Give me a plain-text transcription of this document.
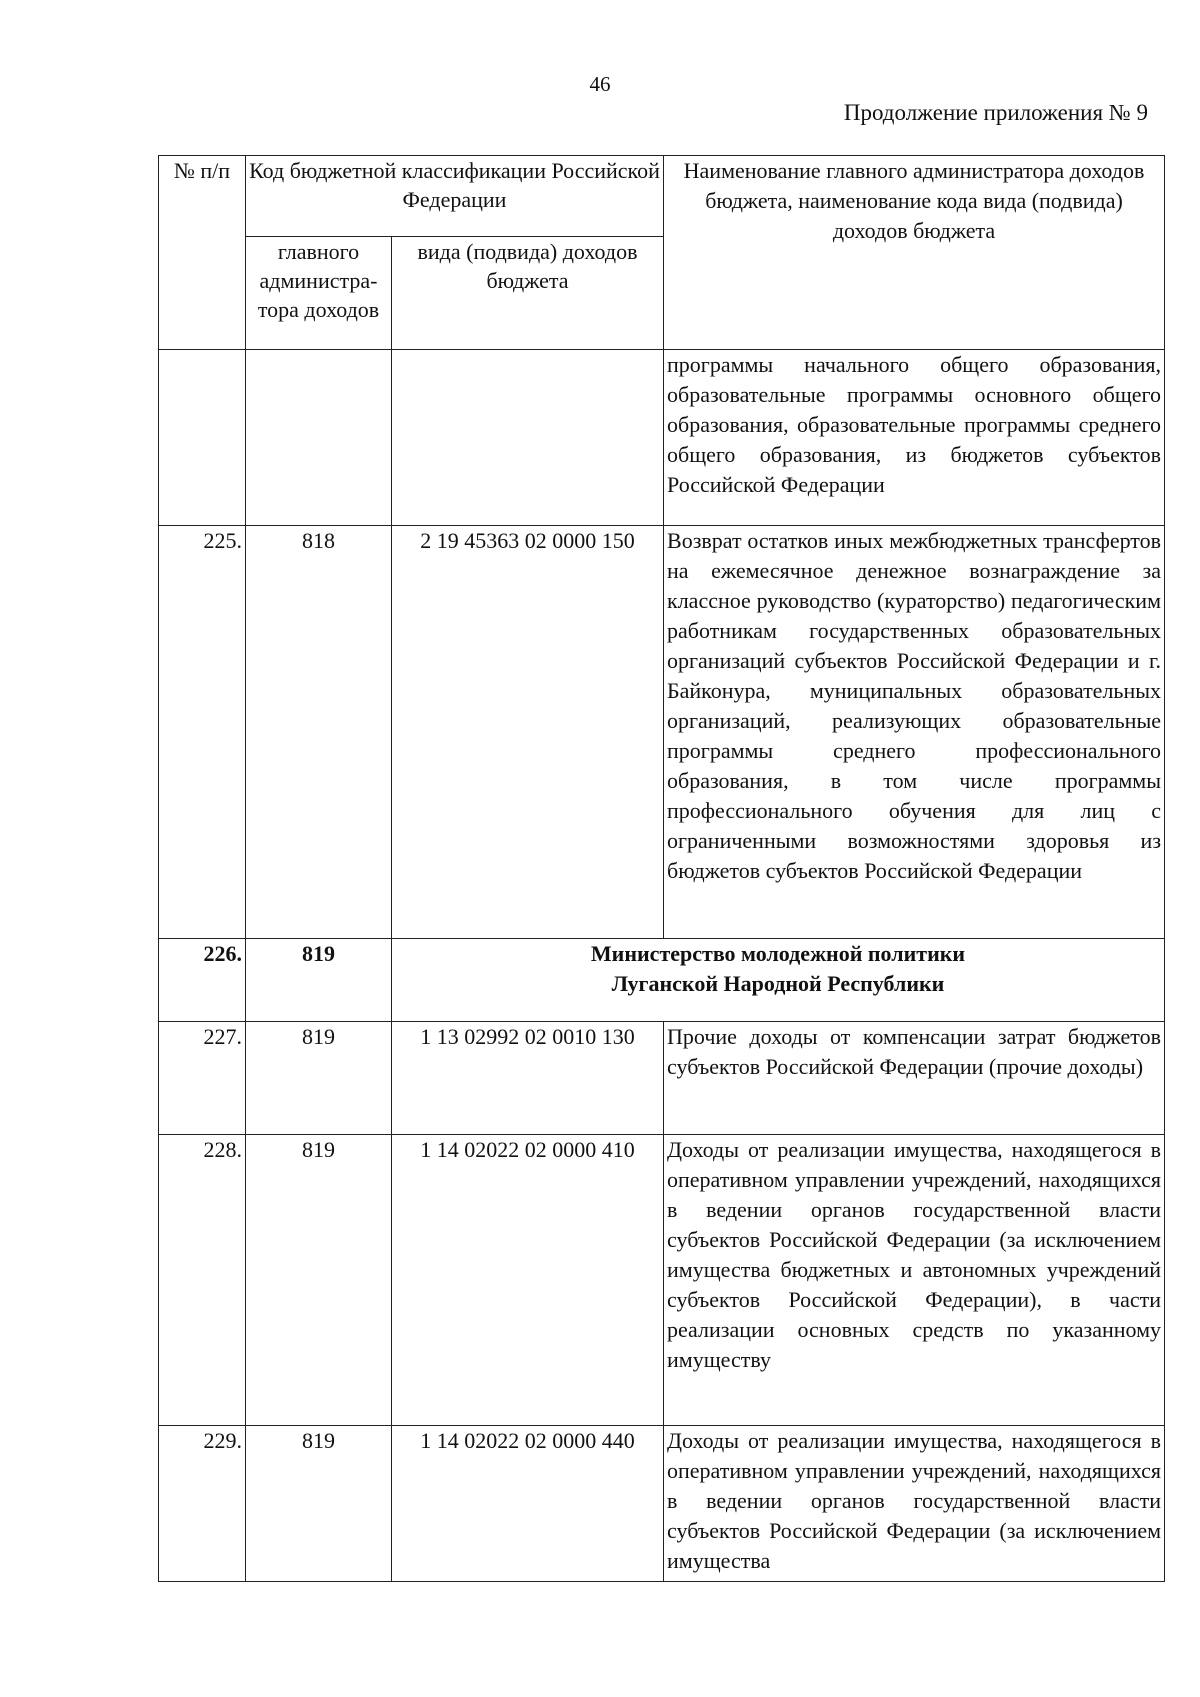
46
Продолжение приложения № 9
№ п/п	Код бюджетной классификации Российской Федерации		Наименование главного администратора доходов бюджета, наименование кода вида (подвида) доходов бюджета
	главного администра-тора доходов	вида (подвида) доходов бюджета	
			программы начального общего образования, образовательные программы основного общего образования, образовательные программы среднего общего образования, из бюджетов субъектов Российской Федерации
225.	818	2 19 45363 02 0000 150	Возврат остатков иных межбюджетных трансфертов на ежемесячное денежное вознаграждение за классное руководство (кураторство) педагогическим работникам государственных образовательных организаций субъектов Российской Федерации и г. Байконура, муниципальных образовательных организаций, реализующих образовательные программы среднего профессионального образования, в том числе программы профессионального обучения для лиц с ограниченными возможностями здоровья из бюджетов субъектов Российской Федерации
226.	819	Министерство молодежной политики
Луганской Народной Республики	

227.	819	1 13 02992 02 0010 130	Прочие доходы от компенсации затрат бюджетов субъектов Российской Федерации (прочие доходы)
228.	819	1 14 02022 02 0000 410	Доходы от реализации имущества, находящегося в оперативном управлении учреждений, находящихся в ведении органов государственной власти субъектов Российской Федерации (за исключением имущества бюджетных и автономных учреждений субъектов Российской Федерации), в части реализации основных средств по указанному имуществу
229.	819	1 14 02022 02 0000 440	Доходы от реализации имущества, находящегося в оперативном управлении учреждений, находящихся в ведении органов государственной власти субъектов Российской Федерации (за исключением имущества
